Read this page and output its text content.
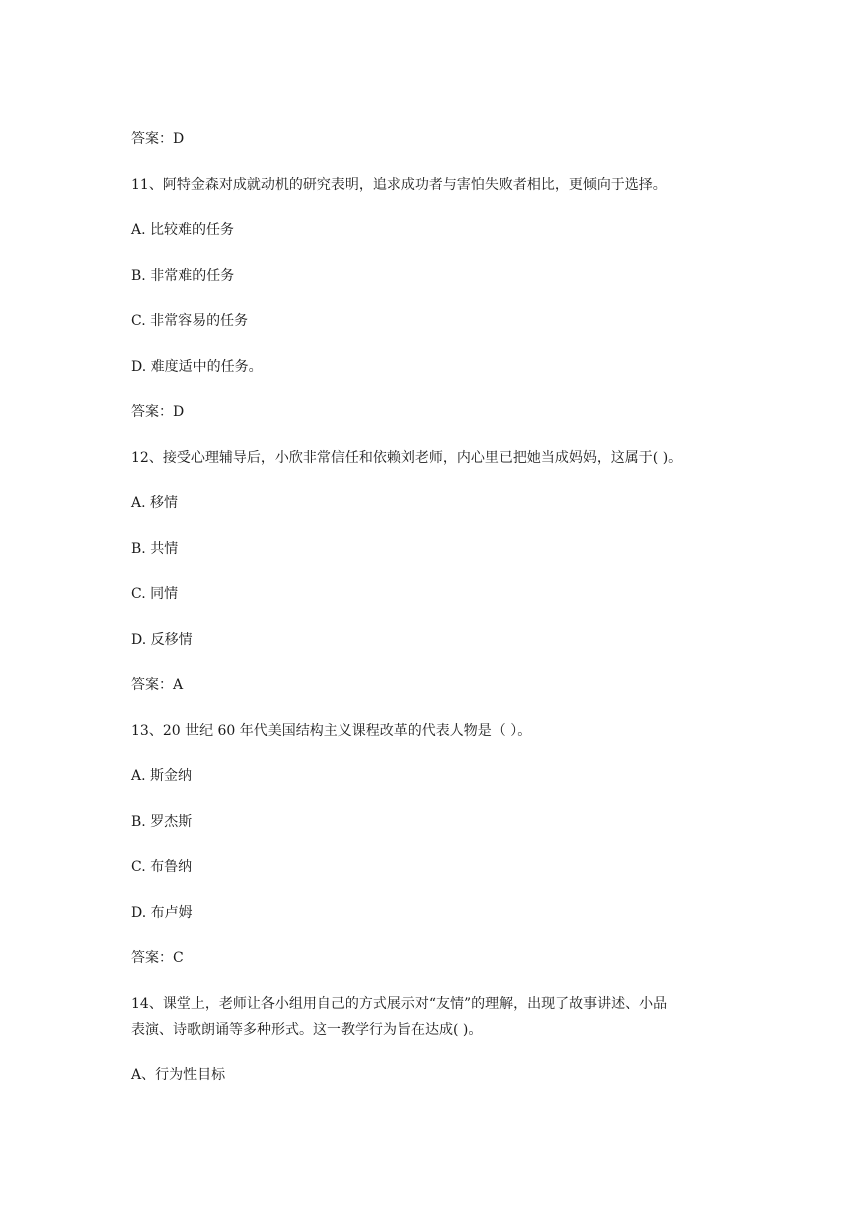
答案：D
11、阿特金森对成就动机的研究表明，追求成功者与害怕失败者相比，更倾向于选择。
A. 比较难的任务
B. 非常难的任务
C. 非常容易的任务
D. 难度适中的任务。
答案：D
12、接受心理辅导后，小欣非常信任和依赖刘老师，内心里已把她当成妈妈，这属于( )。
A. 移情
B. 共情
C. 同情
D. 反移情
答案：A
13、20 世纪 60 年代美国结构主义课程改革的代表人物是（ ）。
A. 斯金纳
B. 罗杰斯
C. 布鲁纳
D. 布卢姆
答案：C
14、课堂上，老师让各小组用自己的方式展示对“友情”的理解，出现了故事讲述、小品
表演、诗歌朗诵等多种形式。这一教学行为旨在达成( )。
A、行为性目标
